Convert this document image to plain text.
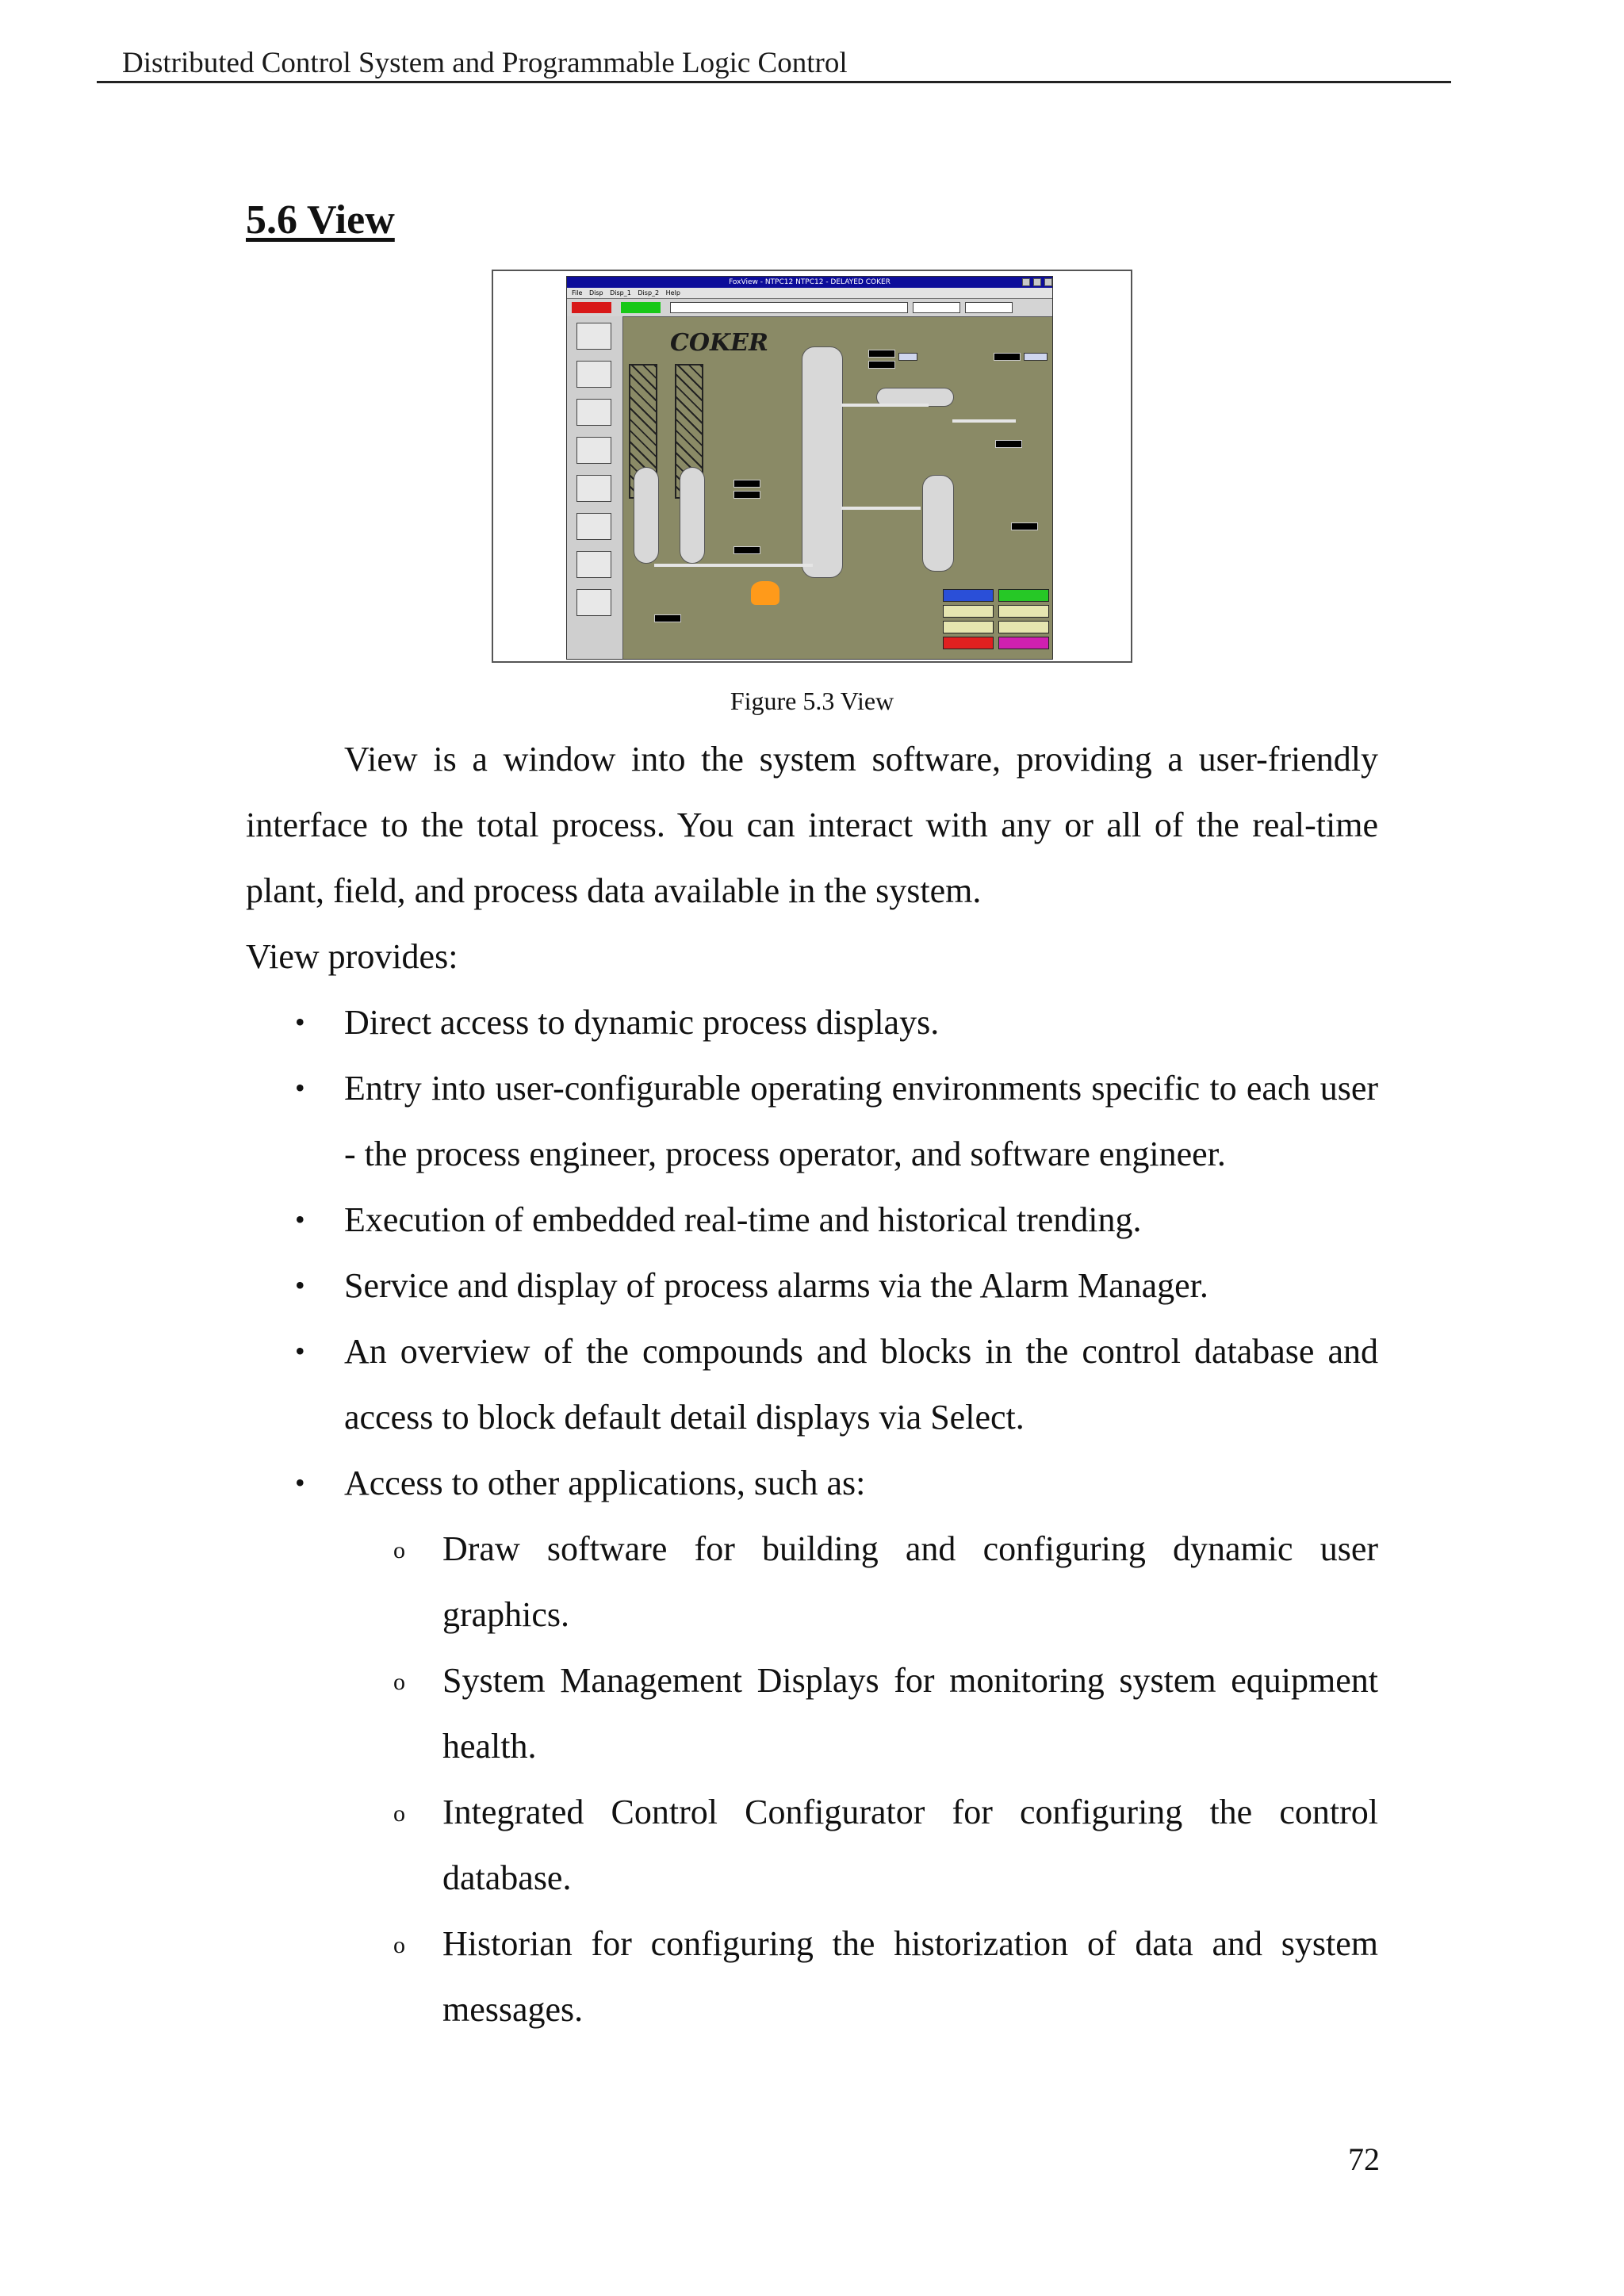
Distributed Control System and Programmable Logic Control
5.6 View
FoxView - NTPC12 NTPC12 - DELAYED COKER
File Disp Disp_1 Disp_2 Help
COKER
Figure 5.3 View

View is a window into the system software, providing a user-friendly interface to the total process. You can interact with any or all of the real-time plant, field, and process data available in the system.

View provides:

• Direct access to dynamic process displays.
• Entry into user-configurable operating environments specific to each user - the process engineer, process operator, and software engineer.
• Execution of embedded real-time and historical trending.
• Service and display of process alarms via the Alarm Manager.
• An overview of the compounds and blocks in the control database and access to block default detail displays via Select.
• Access to other applications, such as:
o Draw software for building and configuring dynamic user graphics.
o System Management Displays for monitoring system equipment health.
o Integrated Control Configurator for configuring the control database.
o Historian for configuring the historization of data and system messages.
72
